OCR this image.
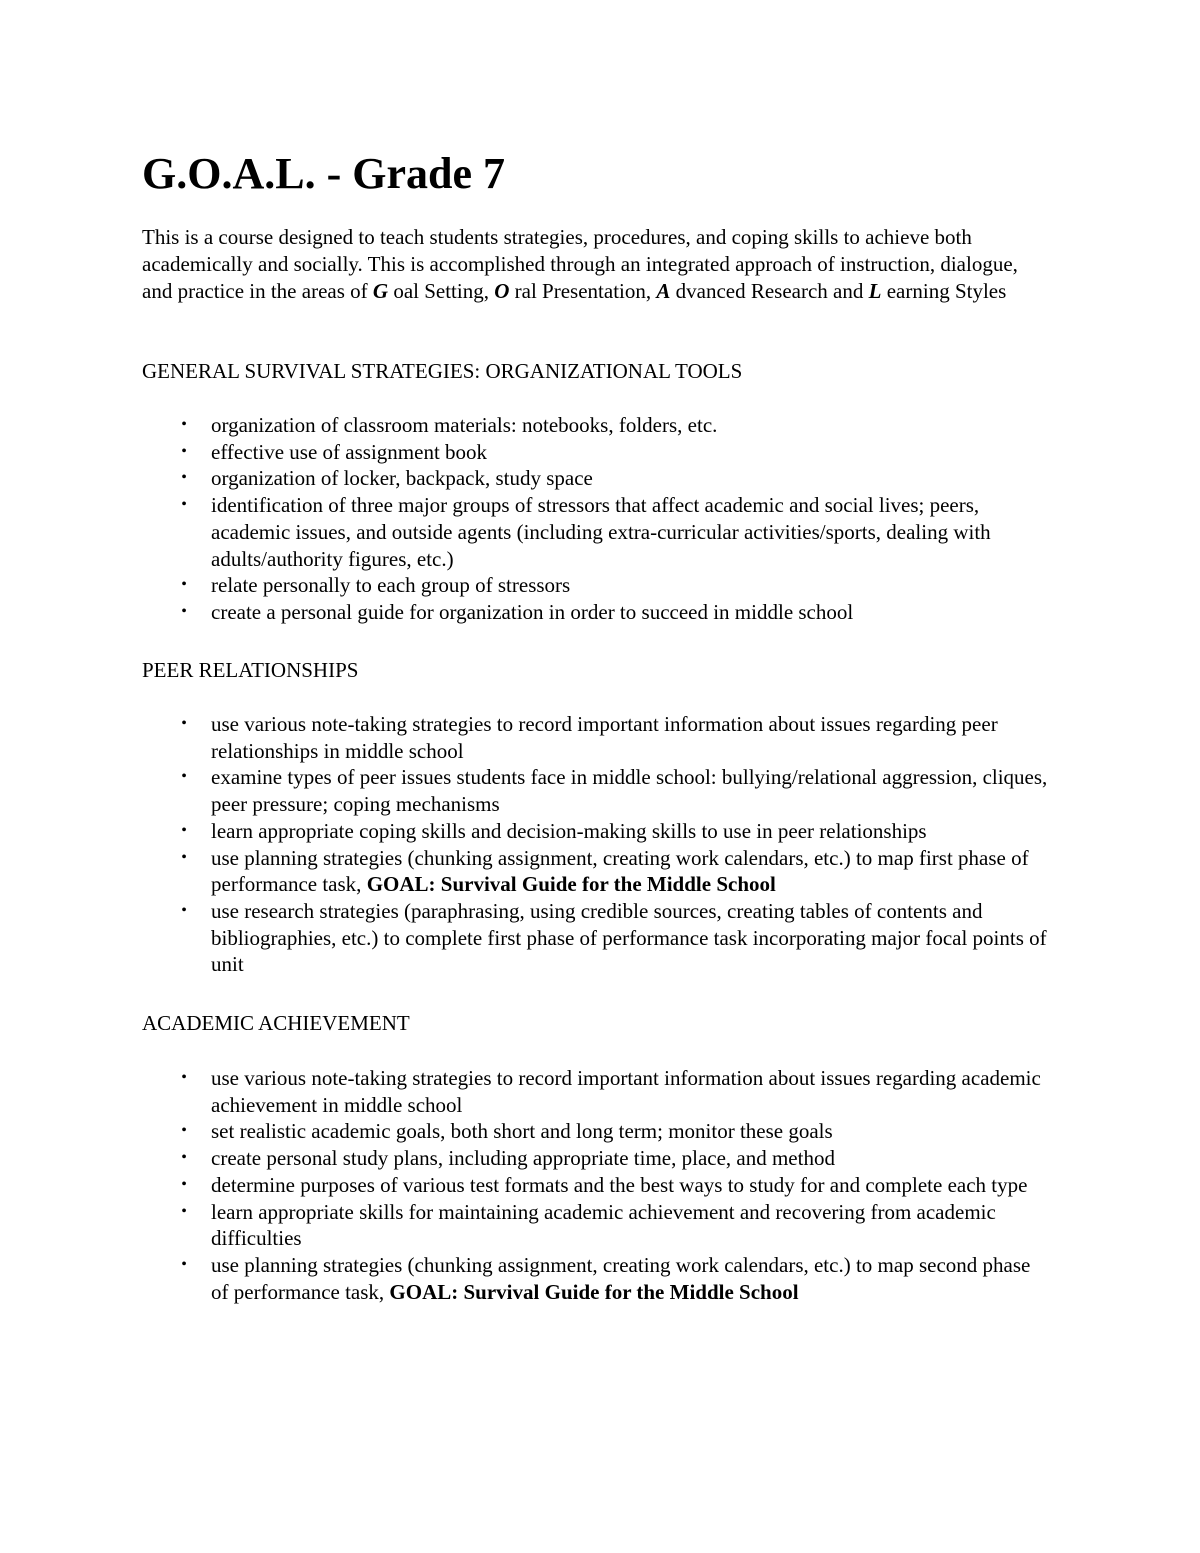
G.O.A.L. - Grade 7

This is a course designed to teach students strategies, procedures, and coping skills to achieve both academically and socially. This is accomplished through an integrated approach of instruction, dialogue, and practice in the areas of G oal Setting, O ral Presentation, A dvanced Research and L earning Styles

GENERAL SURVIVAL STRATEGIES: ORGANIZATIONAL TOOLS
•	organization of classroom materials: notebooks, folders, etc.
•	effective use of assignment book
•	organization of locker, backpack, study space
•	identification of three major groups of stressors that affect academic and social lives; peers, academic issues, and outside agents (including extra-curricular activities/sports, dealing with adults/authority figures, etc.)
•	relate personally to each group of stressors
•	create a personal guide for organization in order to succeed in middle school
PEER RELATIONSHIPS
•	use various note-taking strategies to record important information about issues regarding peer relationships in middle school
•	examine types of peer issues students face in middle school: bullying/relational aggression, cliques, peer pressure; coping mechanisms
•	learn appropriate coping skills and decision-making skills to use in peer relationships
•	use planning strategies (chunking assignment, creating work calendars, etc.) to map first phase of performance task, GOAL: Survival Guide for the Middle School
•	use research strategies (paraphrasing, using credible sources, creating tables of contents and bibliographies, etc.) to complete first phase of performance task incorporating major focal points of unit
ACADEMIC ACHIEVEMENT
•	use various note-taking strategies to record important information about issues regarding academic achievement in middle school
•	set realistic academic goals, both short and long term; monitor these goals
•	create personal study plans, including appropriate time, place, and method
•	determine purposes of various test formats and the best ways to study for and complete each type
•	learn appropriate skills for maintaining academic achievement and recovering from academic difficulties
•	use planning strategies (chunking assignment, creating work calendars, etc.) to map second phase of performance task, GOAL: Survival Guide for the Middle School
